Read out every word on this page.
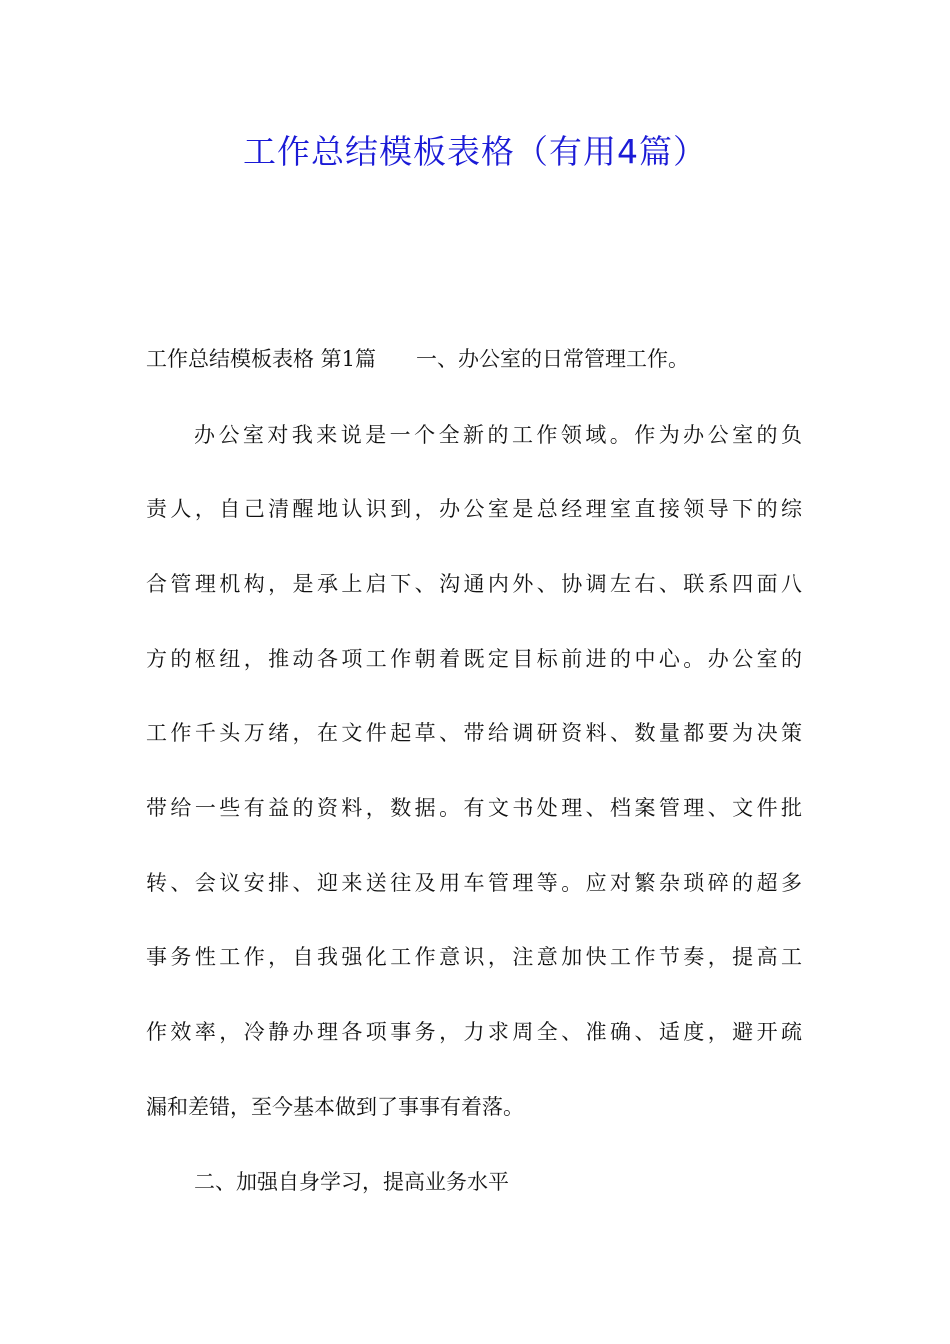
工作总结模板表格（有用4篇）
工作总结模板表格 第1篇 一、办公室的日常管理工作。
办公室对我来说是一个全新的工作领域。作为办公室的负
责人，自己清醒地认识到，办公室是总经理室直接领导下的综
合管理机构，是承上启下、沟通内外、协调左右、联系四面八
方的枢纽，推动各项工作朝着既定目标前进的中心。办公室的
工作千头万绪，在文件起草、带给调研资料、数量都要为决策
带给一些有益的资料，数据。有文书处理、档案管理、文件批
转、会议安排、迎来送往及用车管理等。应对繁杂琐碎的超多
事务性工作，自我强化工作意识，注意加快工作节奏，提高工
作效率，冷静办理各项事务，力求周全、准确、适度，避开疏
漏和差错，至今基本做到了事事有着落。
二、加强自身学习，提高业务水平
